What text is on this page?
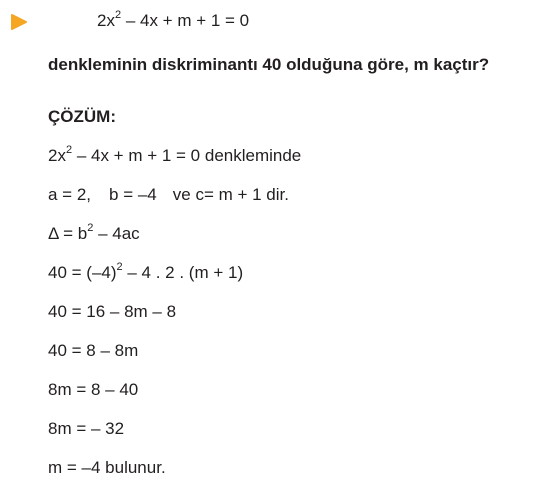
$2x^2 - 4x + m + 1 = 0$
denkleminin diskriminantı 40 olduğuna göre, m kaçtır?
ÇÖZÜM:
$2x^2 - 4x + m + 1 = 0$ denkleminde
a = 2, b = –4 ve c= m + 1 dir.
$\Delta = b^2 - 4ac$
$40 = (-4)^2 - 4$ . 2 . (m + 1)
40 = 16 – 8m – 8
40 = 8 – 8m
8m = 8 – 40
8m = – 32
m = –4 bulunur.
